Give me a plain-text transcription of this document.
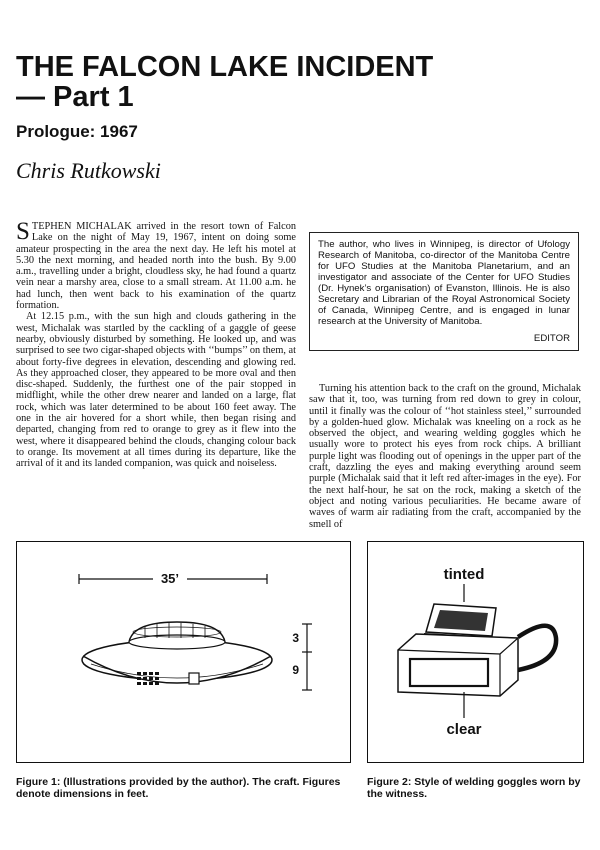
THE FALCON LAKE INCIDENT
— Part 1
Prologue: 1967
Chris Rutkowski

STEPHEN MICHALAK arrived in the resort town of Falcon Lake on the night of May 19, 1967, intent on doing some amateur prospecting in the area the next day. He left his motel at 5.30 the next morning, and headed north into the bush. By 9.00 a.m., travelling under a bright, cloudless sky, he had found a quartz vein near a marshy area, close to a small stream. At 11.00 a.m. he had lunch, then went back to his examination of the quartz formation.

At 12.15 p.m., with the sun high and clouds gathering in the west, Michalak was startled by the cackling of a gaggle of geese nearby, obviously disturbed by something. He looked up, and was surprised to see two cigar-shaped objects with ‘‘bumps’’ on them, at about forty-five degrees in elevation, descending and glowing red. As they approached closer, they appeared to be more oval and then disc-shaped. Suddenly, the furthest one of the pair stopped in midflight, while the other drew nearer and landed on a large, flat rock, which was later determined to be about 160 feet away. The one in the air hovered for a short while, then began rising and departed, changing from red to orange to grey as it flew into the west, where it disappeared behind the clouds, changing colour back to orange. Its movement at all times during its departure, like the arrival of it and its landed companion, was quick and noiseless.

The author, who lives in Winnipeg, is director of Ufology Research of Manitoba, co-director of the Manitoba Centre for UFO Studies at the Manitoba Planetarium, and an investigator and associate of the Center for UFO Studies (Dr. Hynek’s organisation) of Evanston, Illinois. He is also Secretary and Librarian of the Royal Astronomical Society of Canada, Winnipeg Centre, and is engaged in lunar research at the University of Manitoba.
EDITOR

Turning his attention back to the craft on the ground, Michalak saw that it, too, was turning from red down to grey in colour, until it finally was the colour of ‘‘hot stainless steel,’’ surrounded by a golden-hued glow. Michalak was kneeling on a rock as he observed the object, and wearing welding goggles which he usually wore to protect his eyes from rock chips. A brilliant purple light was flooding out of openings in the upper part of the craft, dazzling the eyes and making everything around seem purple (Michalak said that it left red after-images in the eye). For the next half-hour, he sat on the rock, making a sketch of the object and noting various peculiarities. He became aware of waves of warm air radiating from the craft, accompanied by the smell of

35’
3
9
tinted
clear

Figure 1: (Illustrations provided by the author). The craft. Figures denote dimensions in feet.

Figure 2: Style of welding goggles worn by the witness.
